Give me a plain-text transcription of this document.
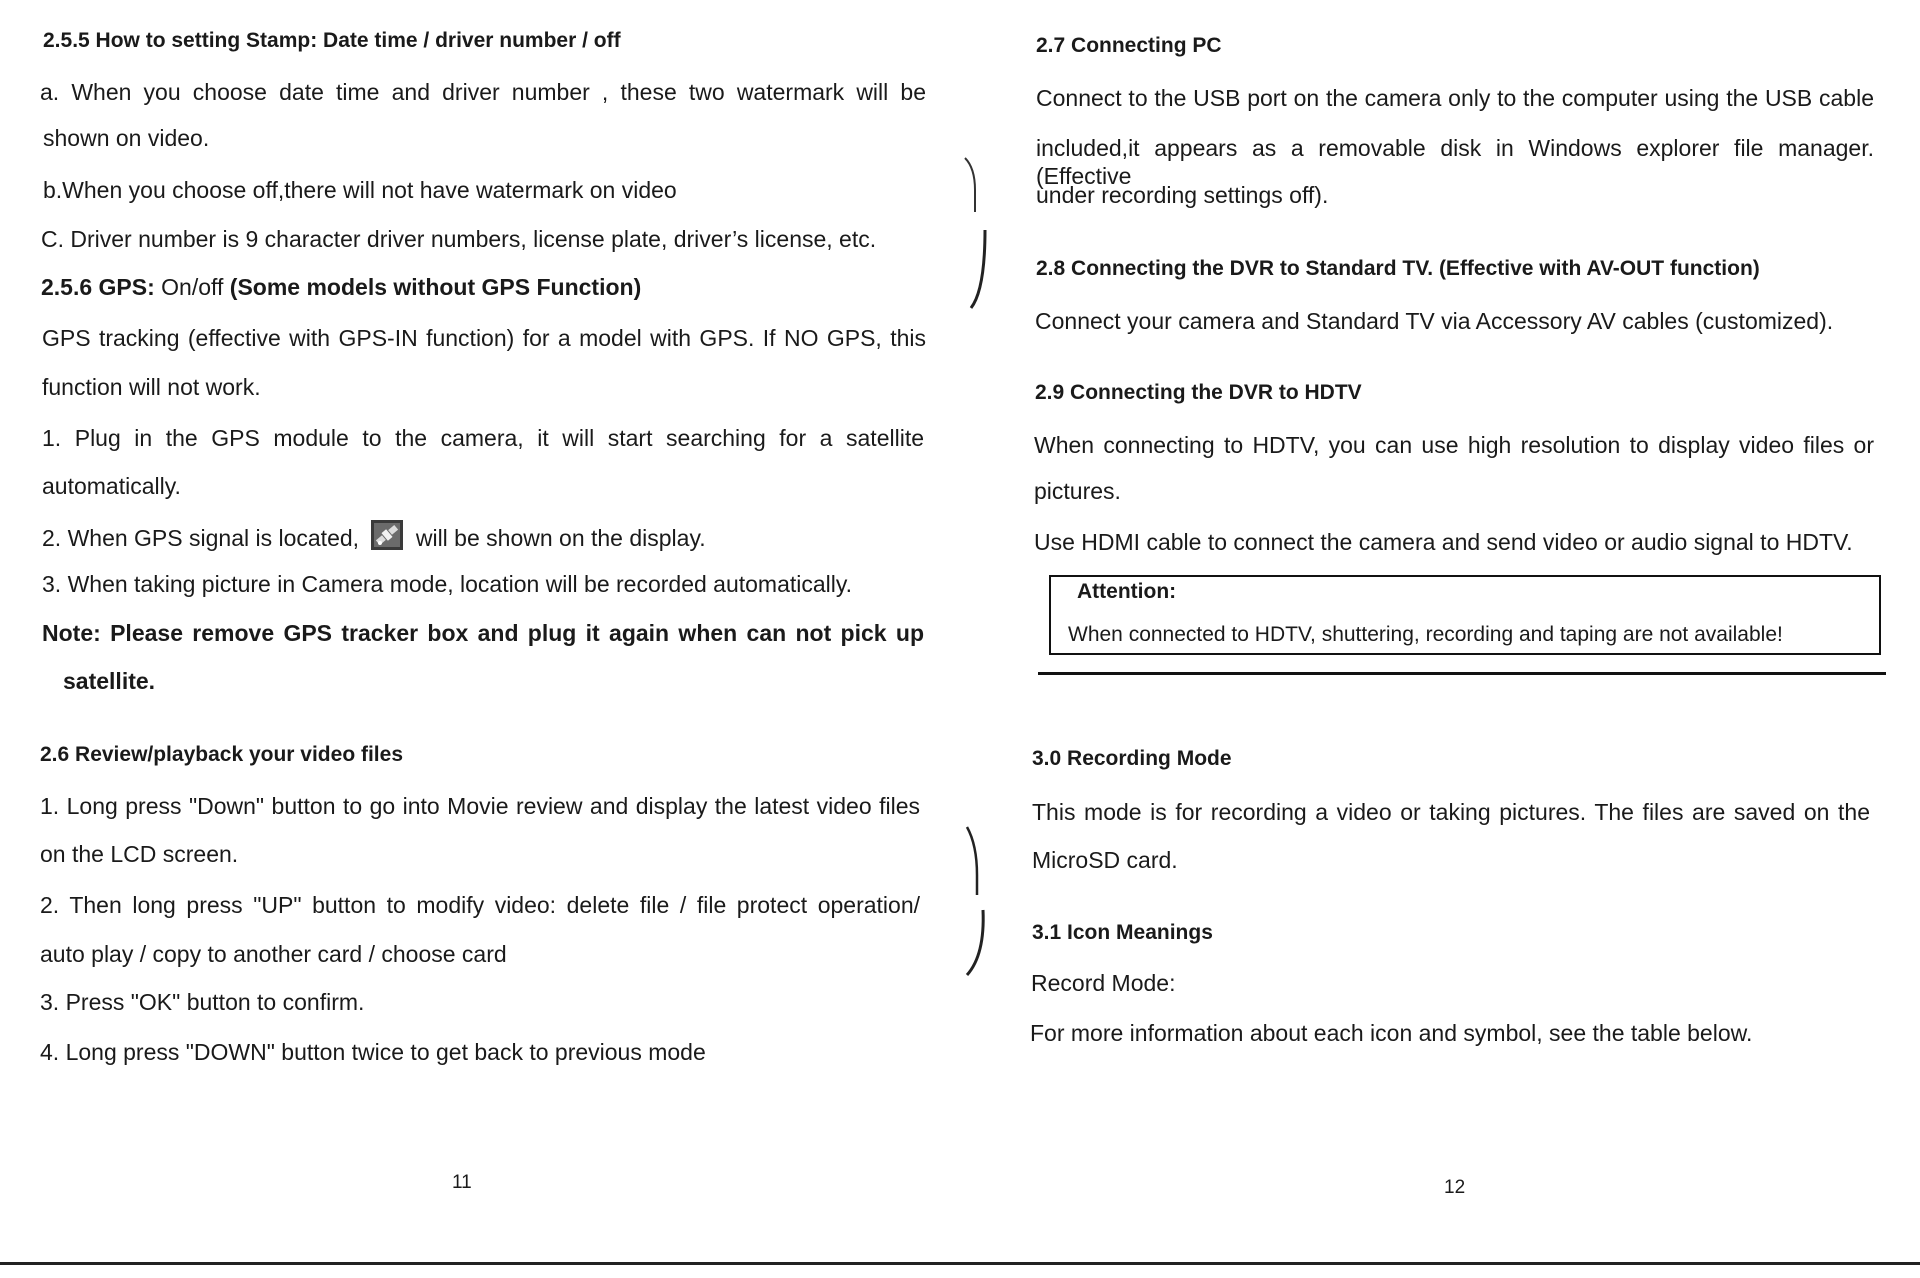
2.5.5 How to setting Stamp: Date time / driver number / off
a. When you choose date time and driver number , these two watermark will be
shown on video.
b.When you choose off,there will not have watermark on video
C. Driver number is 9 character driver numbers, license plate, driver’s license, etc.
2.5.6 GPS: On/off (Some models without GPS Function)
GPS tracking (effective with GPS-IN function) for a model with GPS. If NO GPS, this
function will not work.
1. Plug in the GPS module to the camera, it will start searching for a satellite
automatically.
2. When GPS signal is located, will be shown on the display.
3. When taking picture in Camera mode, location will be recorded automatically.
Note: Please remove GPS tracker box and plug it again when can not pick up
satellite.
2.6 Review/playback your video files
1. Long press "Down" button to go into Movie review and display the latest video files
on the LCD screen.
2. Then long press "UP" button to modify video: delete file / file protect operation/
auto play / copy to another card / choose card
3. Press "OK" button to confirm.
4. Long press "DOWN" button twice to get back to previous mode
11
2.7 Connecting PC
Connect to the USB port on the camera only to the computer using the USB cable
included,it appears as a removable disk in Windows explorer file manager. (Effective
under recording settings off).
2.8 Connecting the DVR to Standard TV. (Effective with AV-OUT function)
Connect your camera and Standard TV via Accessory AV cables (customized).
2.9 Connecting the DVR to HDTV
When connecting to HDTV, you can use high resolution to display video files or
pictures.
Use HDMI cable to connect the camera and send video or audio signal to HDTV.
Attention:
When connected to HDTV, shuttering, recording and taping are not available!
3.0 Recording Mode
This mode is for recording a video or taking pictures. The files are saved on the
MicroSD card.
3.1 Icon Meanings
Record Mode:
For more information about each icon and symbol, see the table below.
12
